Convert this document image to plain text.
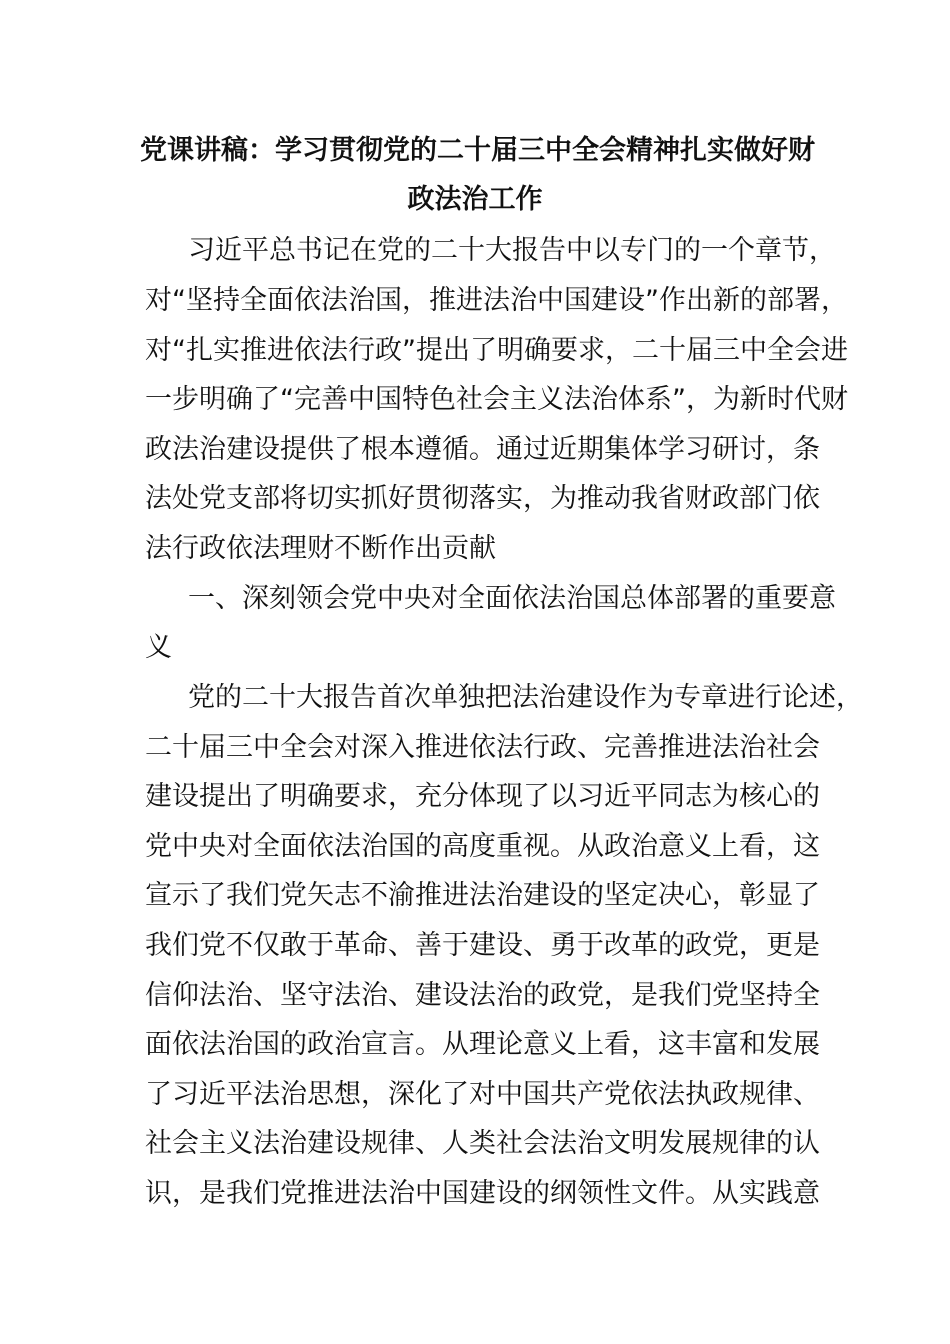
党课讲稿：学习贯彻党的二十届三中全会精神扎实做好财
政法治工作

习近平总书记在党的二十大报告中以专门的一个章节，

对“坚持全面依法治国，推进法治中国建设”作出新的部署，

对“扎实推进依法行政”提出了明确要求，二十届三中全会进

一步明确了“完善中国特色社会主义法治体系”，为新时代财

政法治建设提供了根本遵循。通过近期集体学习研讨，条

法处党支部将切实抓好贯彻落实，为推动我省财政部门依

法行政依法理财不断作出贡献

一、深刻领会党中央对全面依法治国总体部署的重要意

义

党的二十大报告首次单独把法治建设作为专章进行论述，

二十届三中全会对深入推进依法行政、完善推进法治社会

建设提出了明确要求，充分体现了以习近平同志为核心的

党中央对全面依法治国的高度重视。从政治意义上看，这

宣示了我们党矢志不渝推进法治建设的坚定决心，彰显了

我们党不仅敢于革命、善于建设、勇于改革的政党，更是

信仰法治、坚守法治、建设法治的政党，是我们党坚持全

面依法治国的政治宣言。从理论意义上看，这丰富和发展

了习近平法治思想，深化了对中国共产党依法执政规律、

社会主义法治建设规律、人类社会法治文明发展规律的认

识，是我们党推进法治中国建设的纲领性文件。从实践意
